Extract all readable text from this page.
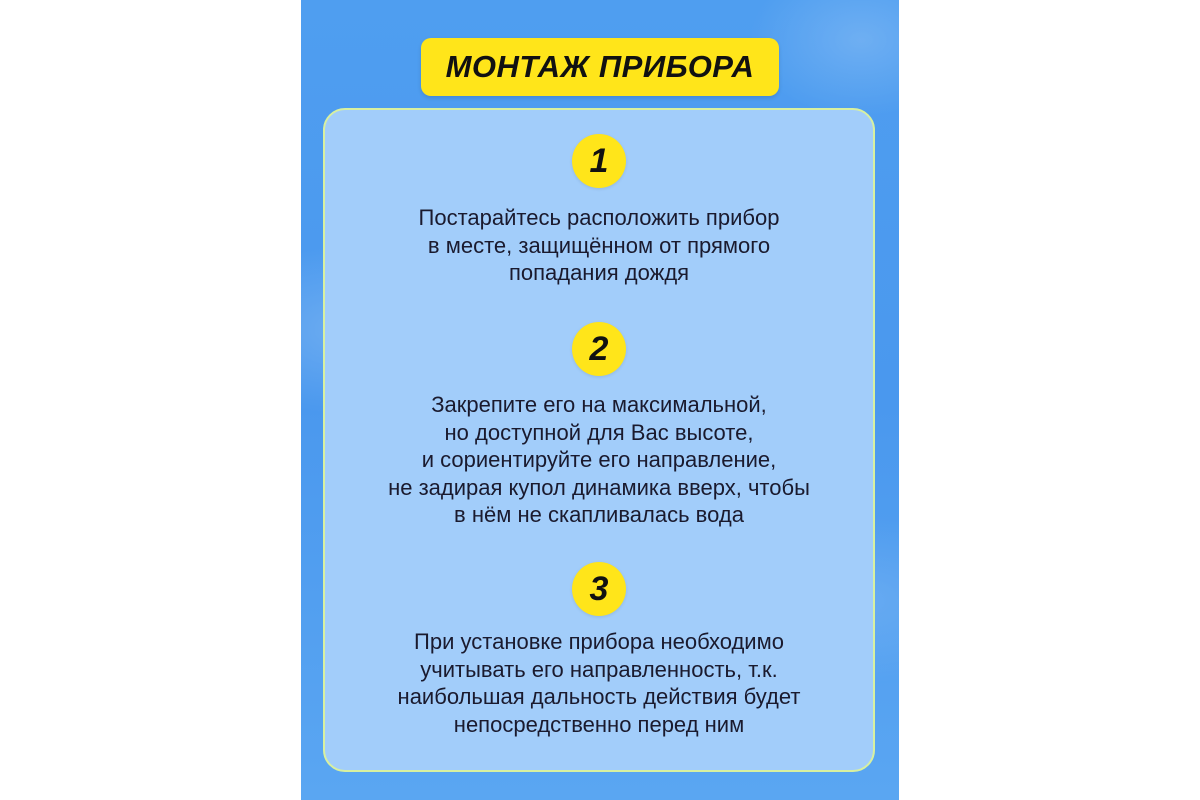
МОНТАЖ ПРИБОРА
1
Постарайтесь расположить прибор
в месте, защищённом от прямого
попадания дождя
2
Закрепите его на максимальной,
но доступной для Вас высоте,
и сориентируйте его направление,
не задирая купол динамика вверх, чтобы
в нём не скапливалась вода
3
При установке прибора необходимо
учитывать его направленность, т.к.
наибольшая дальность действия будет
непосредственно перед ним
